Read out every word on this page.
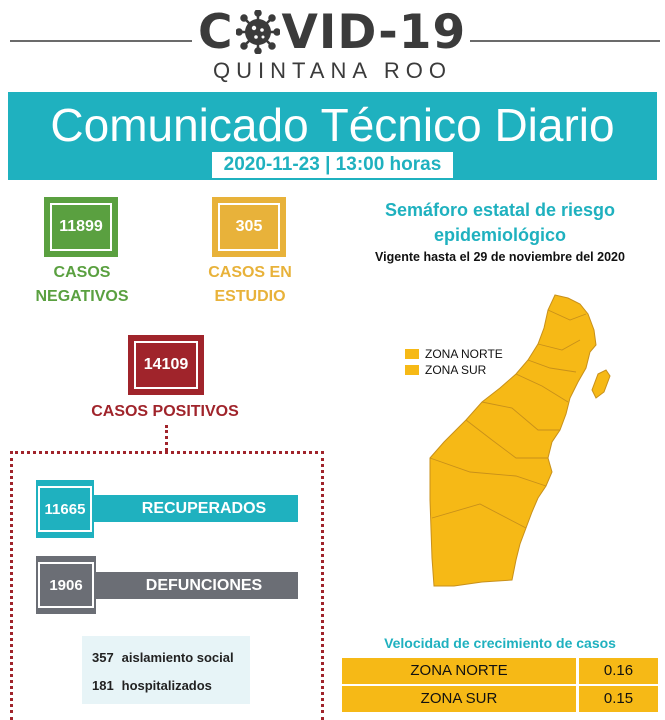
C VID-19
QUINTANA ROO
Comunicado Técnico Diario
2020-11-23 | 13:00 horas
11899
CASOS
NEGATIVOS
305
CASOS EN
ESTUDIO
14109
CASOS POSITIVOS
RECUPERADOS
11665
DEFUNCIONES
1906
357 aislamiento social
181 hospitalizados
Semáforo estatal de riesgo
epidemiológico
Vigente hasta el 29 de noviembre del 2020
ZONA NORTE
ZONA SUR
Velocidad de crecimiento de casos
ZONA NORTE	0.16
ZONA SUR	0.15
